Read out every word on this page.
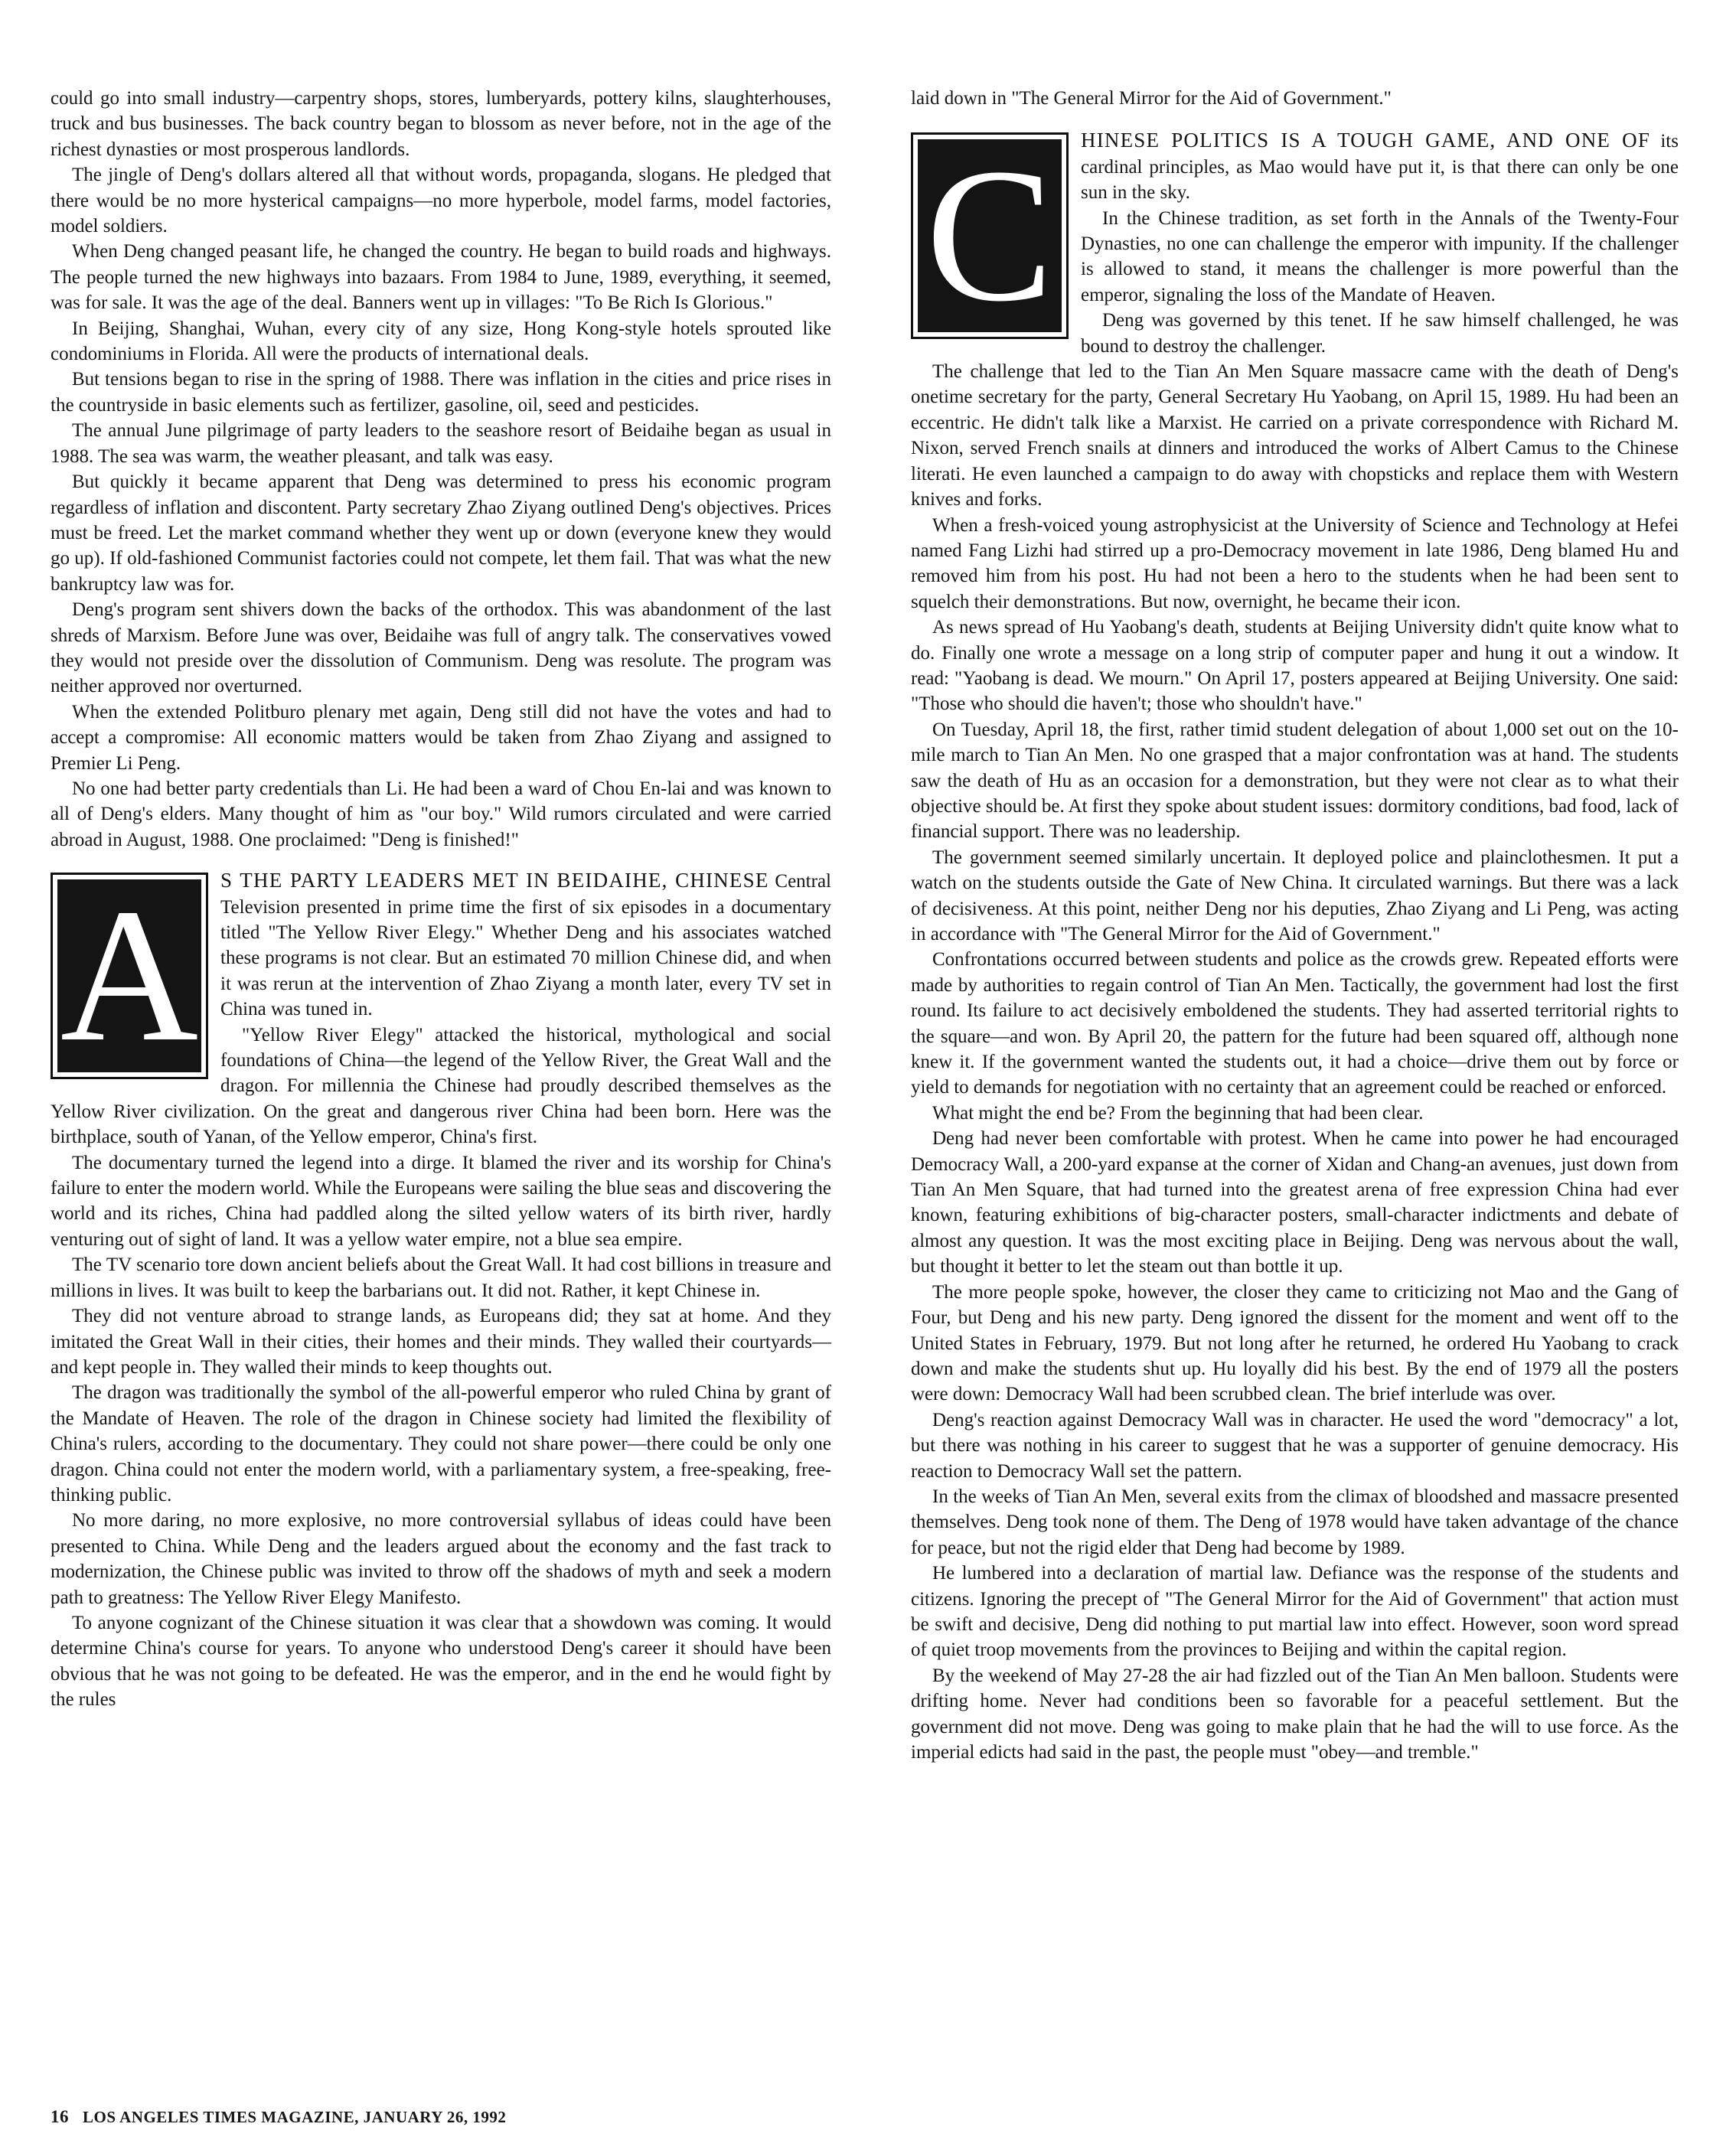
could go into small industry—carpentry shops, stores, lumberyards, pottery kilns, slaughterhouses, truck and bus businesses. The back country began to blossom as never before, not in the age of the richest dynasties or most prosperous landlords.

The jingle of Deng's dollars altered all that without words, propaganda, slogans. He pledged that there would be no more hysterical campaigns—no more hyperbole, model farms, model factories, model soldiers.

When Deng changed peasant life, he changed the country. He began to build roads and highways. The people turned the new highways into bazaars. From 1984 to June, 1989, everything, it seemed, was for sale. It was the age of the deal. Banners went up in villages: "To Be Rich Is Glorious."

In Beijing, Shanghai, Wuhan, every city of any size, Hong Kong-style hotels sprouted like condominiums in Florida. All were the products of international deals.

But tensions began to rise in the spring of 1988. There was inflation in the cities and price rises in the countryside in basic elements such as fertilizer, gasoline, oil, seed and pesticides.

The annual June pilgrimage of party leaders to the seashore resort of Beidaihe began as usual in 1988. The sea was warm, the weather pleasant, and talk was easy.

But quickly it became apparent that Deng was determined to press his economic program regardless of inflation and discontent. Party secretary Zhao Ziyang outlined Deng's objectives. Prices must be freed. Let the market command whether they went up or down (everyone knew they would go up). If old-fashioned Communist factories could not compete, let them fail. That was what the new bankruptcy law was for.

Deng's program sent shivers down the backs of the orthodox. This was abandonment of the last shreds of Marxism. Before June was over, Beidaihe was full of angry talk. The conservatives vowed they would not preside over the dissolution of Communism. Deng was resolute. The program was neither approved nor overturned.

When the extended Politburo plenary met again, Deng still did not have the votes and had to accept a compromise: All economic matters would be taken from Zhao Ziyang and assigned to Premier Li Peng.

No one had better party credentials than Li. He had been a ward of Chou En-lai and was known to all of Deng's elders. Many thought of him as "our boy." Wild rumors circulated and were carried abroad in August, 1988. One proclaimed: "Deng is finished!"

A	S THE PARTY LEADERS MET IN BEIDAIHE, CHINESE Central Television presented in prime time the first of six episodes in a documentary titled "The Yellow River Elegy." Whether Deng and his associates watched these programs is not clear. But an estimated 70 million Chinese did, and when it was rerun at the intervention of Zhao Ziyang a month later, every TV set in China was tuned in.

"Yellow River Elegy" attacked the historical, mythological and social foundations of China—the legend of the Yellow River, the Great Wall and the dragon. For millennia the Chinese had proudly described themselves as the Yellow River civilization. On the great and dangerous river China had been born. Here was the birthplace, south of Yanan, of the Yellow emperor, China's first.

The documentary turned the legend into a dirge. It blamed the river and its worship for China's failure to enter the modern world. While the Europeans were sailing the blue seas and discovering the world and its riches, China had paddled along the silted yellow waters of its birth river, hardly venturing out of sight of land. It was a yellow water empire, not a blue sea empire.

The TV scenario tore down ancient beliefs about the Great Wall. It had cost billions in treasure and millions in lives. It was built to keep the barbarians out. It did not. Rather, it kept Chinese in.

They did not venture abroad to strange lands, as Europeans did; they sat at home. And they imitated the Great Wall in their cities, their homes and their minds. They walled their courtyards—and kept people in. They walled their minds to keep thoughts out.

The dragon was traditionally the symbol of the all-powerful emperor who ruled China by grant of the Mandate of Heaven. The role of the dragon in Chinese society had limited the flexibility of China's rulers, according to the documentary. They could not share power—there could be only one dragon. China could not enter the modern world, with a parliamentary system, a free-speaking, free-thinking public.

No more daring, no more explosive, no more controversial syllabus of ideas could have been presented to China. While Deng and the leaders argued about the economy and the fast track to modernization, the Chinese public was invited to throw off the shadows of myth and seek a modern path to greatness: The Yellow River Elegy Manifesto.

To anyone cognizant of the Chinese situation it was clear that a showdown was coming. It would determine China's course for years. To anyone who understood Deng's career it should have been obvious that he was not going to be defeated. He was the emperor, and in the end he would fight by the rules

laid down in "The General Mirror for the Aid of Government."

C	HINESE POLITICS IS A TOUGH GAME, AND ONE OF its cardinal principles, as Mao would have put it, is that there can only be one sun in the sky.

In the Chinese tradition, as set forth in the Annals of the Twenty-Four Dynasties, no one can challenge the emperor with impunity. If the challenger is allowed to stand, it means the challenger is more powerful than the emperor, signaling the loss of the Mandate of Heaven.

Deng was governed by this tenet. If he saw himself challenged, he was bound to destroy the challenger.

The challenge that led to the Tian An Men Square massacre came with the death of Deng's onetime secretary for the party, General Secretary Hu Yaobang, on April 15, 1989. Hu had been an eccentric. He didn't talk like a Marxist. He carried on a private correspondence with Richard M. Nixon, served French snails at dinners and introduced the works of Albert Camus to the Chinese literati. He even launched a campaign to do away with chopsticks and replace them with Western knives and forks.

When a fresh-voiced young astrophysicist at the University of Science and Technology at Hefei named Fang Lizhi had stirred up a pro-Democracy movement in late 1986, Deng blamed Hu and removed him from his post. Hu had not been a hero to the students when he had been sent to squelch their demonstrations. But now, overnight, he became their icon.

As news spread of Hu Yaobang's death, students at Beijing University didn't quite know what to do. Finally one wrote a message on a long strip of computer paper and hung it out a window. It read: "Yaobang is dead. We mourn." On April 17, posters appeared at Beijing University. One said: "Those who should die haven't; those who shouldn't have."

On Tuesday, April 18, the first, rather timid student delegation of about 1,000 set out on the 10-mile march to Tian An Men. No one grasped that a major confrontation was at hand. The students saw the death of Hu as an occasion for a demonstration, but they were not clear as to what their objective should be. At first they spoke about student issues: dormitory conditions, bad food, lack of financial support. There was no leadership.

The government seemed similarly uncertain. It deployed police and plainclothesmen. It put a watch on the students outside the Gate of New China. It circulated warnings. But there was a lack of decisiveness. At this point, neither Deng nor his deputies, Zhao Ziyang and Li Peng, was acting in accordance with "The General Mirror for the Aid of Government."

Confrontations occurred between students and police as the crowds grew. Repeated efforts were made by authorities to regain control of Tian An Men. Tactically, the government had lost the first round. Its failure to act decisively emboldened the students. They had asserted territorial rights to the square—and won. By April 20, the pattern for the future had been squared off, although none knew it. If the government wanted the students out, it had a choice—drive them out by force or yield to demands for negotiation with no certainty that an agreement could be reached or enforced.

What might the end be? From the beginning that had been clear.

Deng had never been comfortable with protest. When he came into power he had encouraged Democracy Wall, a 200-yard expanse at the corner of Xidan and Chang-an avenues, just down from Tian An Men Square, that had turned into the greatest arena of free expression China had ever known, featuring exhibitions of big-character posters, small-character indictments and debate of almost any question. It was the most exciting place in Beijing. Deng was nervous about the wall, but thought it better to let the steam out than bottle it up.

The more people spoke, however, the closer they came to criticizing not Mao and the Gang of Four, but Deng and his new party. Deng ignored the dissent for the moment and went off to the United States in February, 1979. But not long after he returned, he ordered Hu Yaobang to crack down and make the students shut up. Hu loyally did his best. By the end of 1979 all the posters were down: Democracy Wall had been scrubbed clean. The brief interlude was over.

Deng's reaction against Democracy Wall was in character. He used the word "democracy" a lot, but there was nothing in his career to suggest that he was a supporter of genuine democracy. His reaction to Democracy Wall set the pattern.

In the weeks of Tian An Men, several exits from the climax of bloodshed and massacre presented themselves. Deng took none of them. The Deng of 1978 would have taken advantage of the chance for peace, but not the rigid elder that Deng had become by 1989.

He lumbered into a declaration of martial law. Defiance was the response of the students and citizens. Ignoring the precept of "The General Mirror for the Aid of Government" that action must be swift and decisive, Deng did nothing to put martial law into effect. However, soon word spread of quiet troop movements from the provinces to Beijing and within the capital region.

By the weekend of May 27-28 the air had fizzled out of the Tian An Men balloon. Students were drifting home. Never had conditions been so favorable for a peaceful settlement. But the government did not move. Deng was going to make plain that he had the will to use force. As the imperial edicts had said in the past, the people must "obey—and tremble."

16 LOS ANGELES TIMES MAGAZINE, JANUARY 26, 1992
